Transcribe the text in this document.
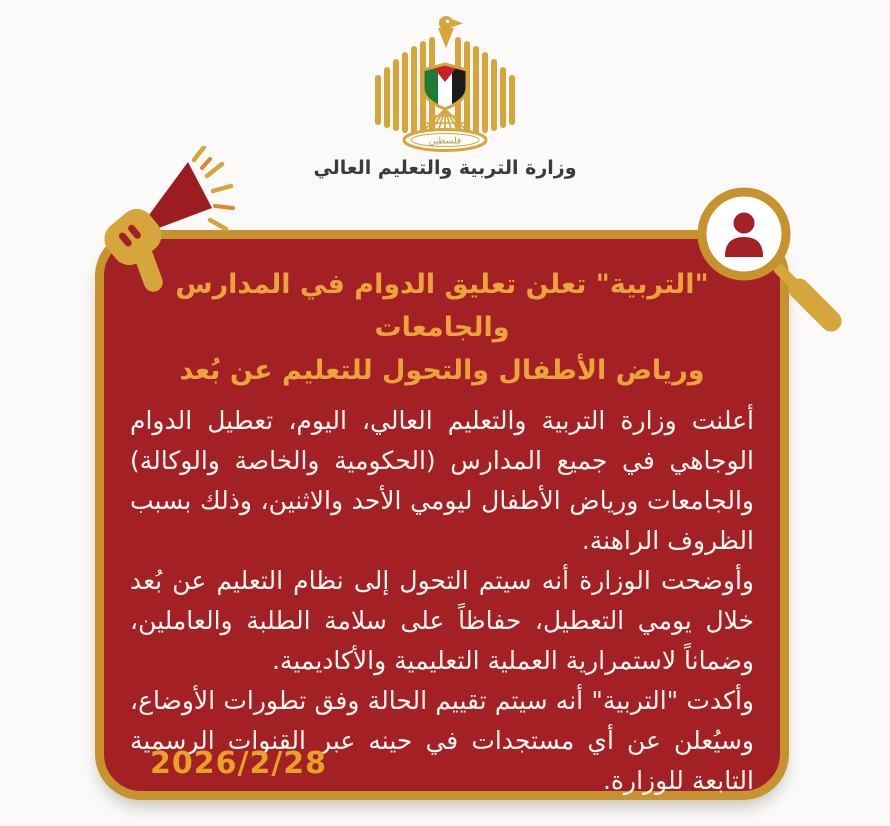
فلسطين
وزارة التربية والتعليم العالي
"التربية" تعلن تعليق الدوام في المدارس والجامعات
ورياض الأطفال والتحول للتعليم عن بُعد

أعلنت وزارة التربية والتعليم العالي، اليوم، تعطيل الدوام الوجاهي في جميع المدارس (الحكومية والخاصة والوكالة) والجامعات ورياض الأطفال ليومي الأحد والاثنين، وذلك بسبب الظروف الراهنة.

وأوضحت الوزارة أنه سيتم التحول إلى نظام التعليم عن بُعد خلال يومي التعطيل، حفاظاً على سلامة الطلبة والعاملين، وضماناً لاستمرارية العملية التعليمية والأكاديمية.

وأكدت "التربية" أنه سيتم تقييم الحالة وفق تطورات الأوضاع، وسيُعلن عن أي مستجدات في حينه عبر القنوات الرسمية التابعة للوزارة.

2026/2/28
